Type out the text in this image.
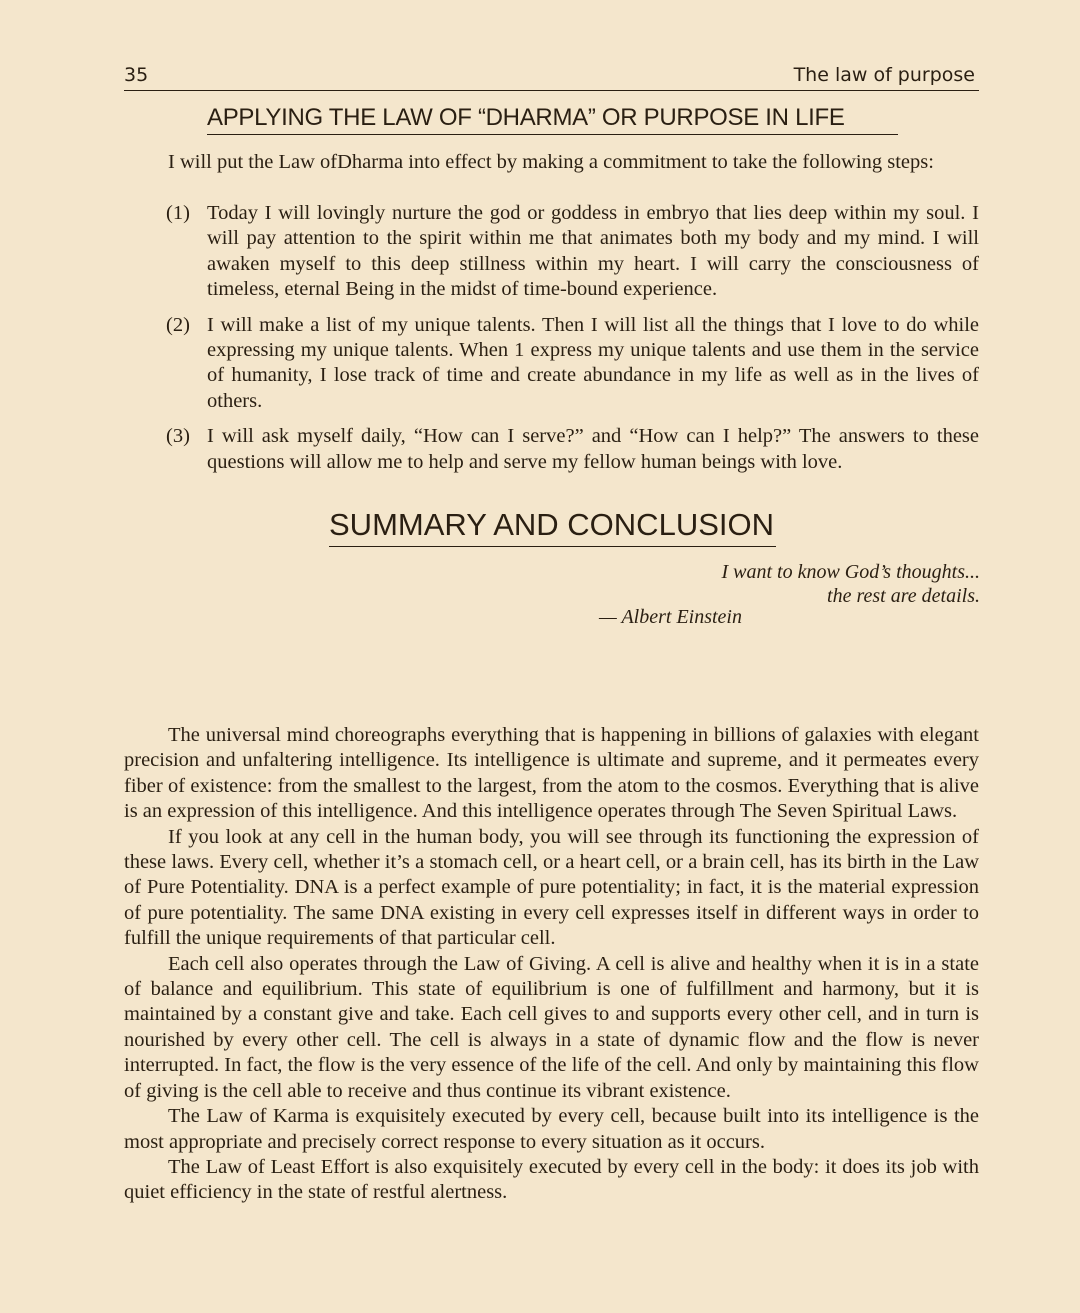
35	The law of purpose
APPLYING THE LAW OF “DHARMA” OR PURPOSE IN LIFE

I will put the Law ofDharma into effect by making a commitment to take the following steps:

(1) Today I will lovingly nurture the god or goddess in embryo that lies deep within my soul. I will pay attention to the spirit within me that animates both my body and my mind. I will awaken myself to this deep stillness within my heart. I will carry the consciousness of timeless, eternal Being in the midst of time-bound experience.

(2) I will make a list of my unique talents. Then I will list all the things that I love to do while expressing my unique talents. When 1 express my unique talents and use them in the service of humanity, I lose track of time and create abundance in my life as well as in the lives of others.

(3) I will ask myself daily, “How can I serve?” and “How can I help?” The answers to these questions will allow me to help and serve my fellow human beings with love.

SUMMARY AND CONCLUSION
I want to know God’s thoughts...
the rest are details.
— Albert Einstein

The universal mind choreographs everything that is happening in billions of galaxies with elegant precision and unfaltering intelligence. Its intelligence is ultimate and supreme, and it permeates every fiber of existence: from the smallest to the largest, from the atom to the cosmos. Everything that is alive is an expression of this intelligence. And this intelligence operates through The Seven Spiritual Laws.

If you look at any cell in the human body, you will see through its functioning the expression of these laws. Every cell, whether it’s a stomach cell, or a heart cell, or a brain cell, has its birth in the Law of Pure Potentiality. DNA is a perfect example of pure potentiality; in fact, it is the material expression of pure potentiality. The same DNA existing in every cell expresses itself in different ways in order to fulfill the unique requirements of that particular cell.

Each cell also operates through the Law of Giving. A cell is alive and healthy when it is in a state of balance and equilibrium. This state of equilibrium is one of fulfillment and harmony, but it is maintained by a constant give and take. Each cell gives to and supports every other cell, and in turn is nourished by every other cell. The cell is always in a state of dynamic flow and the flow is never interrupted. In fact, the flow is the very essence of the life of the cell. And only by maintaining this flow of giving is the cell able to receive and thus continue its vibrant existence.

The Law of Karma is exquisitely executed by every cell, because built into its intelligence is the most appropriate and precisely correct response to every situation as it occurs.

The Law of Least Effort is also exquisitely executed by every cell in the body: it does its job with quiet efficiency in the state of restful alertness.
